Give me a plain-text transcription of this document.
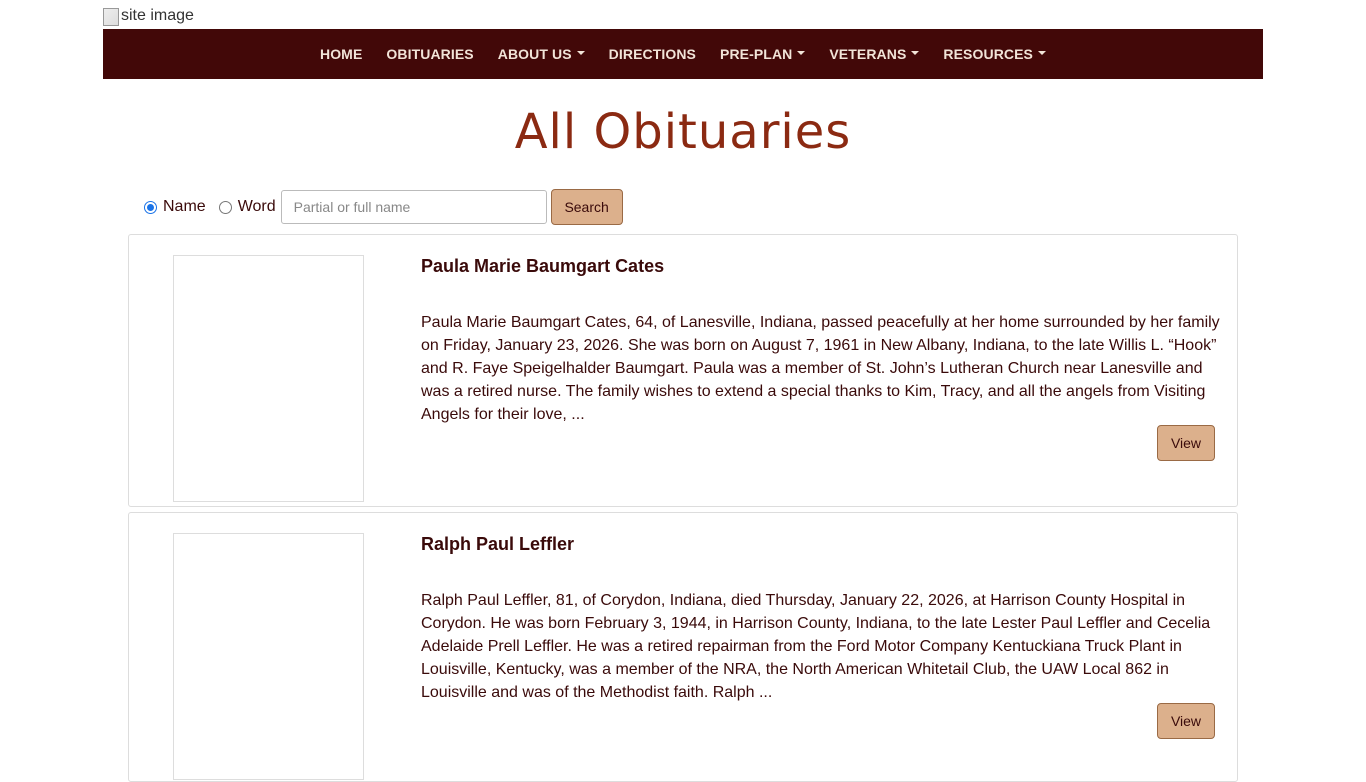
site image
HOME OBITUARIES ABOUT US	DIRECTIONS PRE-PLAN	VETERANS	RESOURCES
All Obituaries
Name Word
Partial or full name	Search
Paula Marie Baumgart Cates

Paula Marie Baumgart Cates, 64, of Lanesville, Indiana, passed peacefully at her home surrounded by her family on Friday, January 23, 2026. She was born on August 7, 1961 in New Albany, Indiana, to the late Willis L. “Hook” and R. Faye Speigelhalder Baumgart. Paula was a member of St. John’s Lutheran Church near Lanesville and was a retired nurse. The family wishes to extend a special thanks to Kim, Tracy, and all the angels from Visiting Angels for their love, ...

View
Ralph Paul Leffler

Ralph Paul Leffler, 81, of Corydon, Indiana, died Thursday, January 22, 2026, at Harrison County Hospital in Corydon. He was born February 3, 1944, in Harrison County, Indiana, to the late Lester Paul Leffler and Cecelia Adelaide Prell Leffler. He was a retired repairman from the Ford Motor Company Kentuckiana Truck Plant in Louisville, Kentucky, was a member of the NRA, the North American Whitetail Club, the UAW Local 862 in Louisville and was of the Methodist faith. Ralph ...

View
